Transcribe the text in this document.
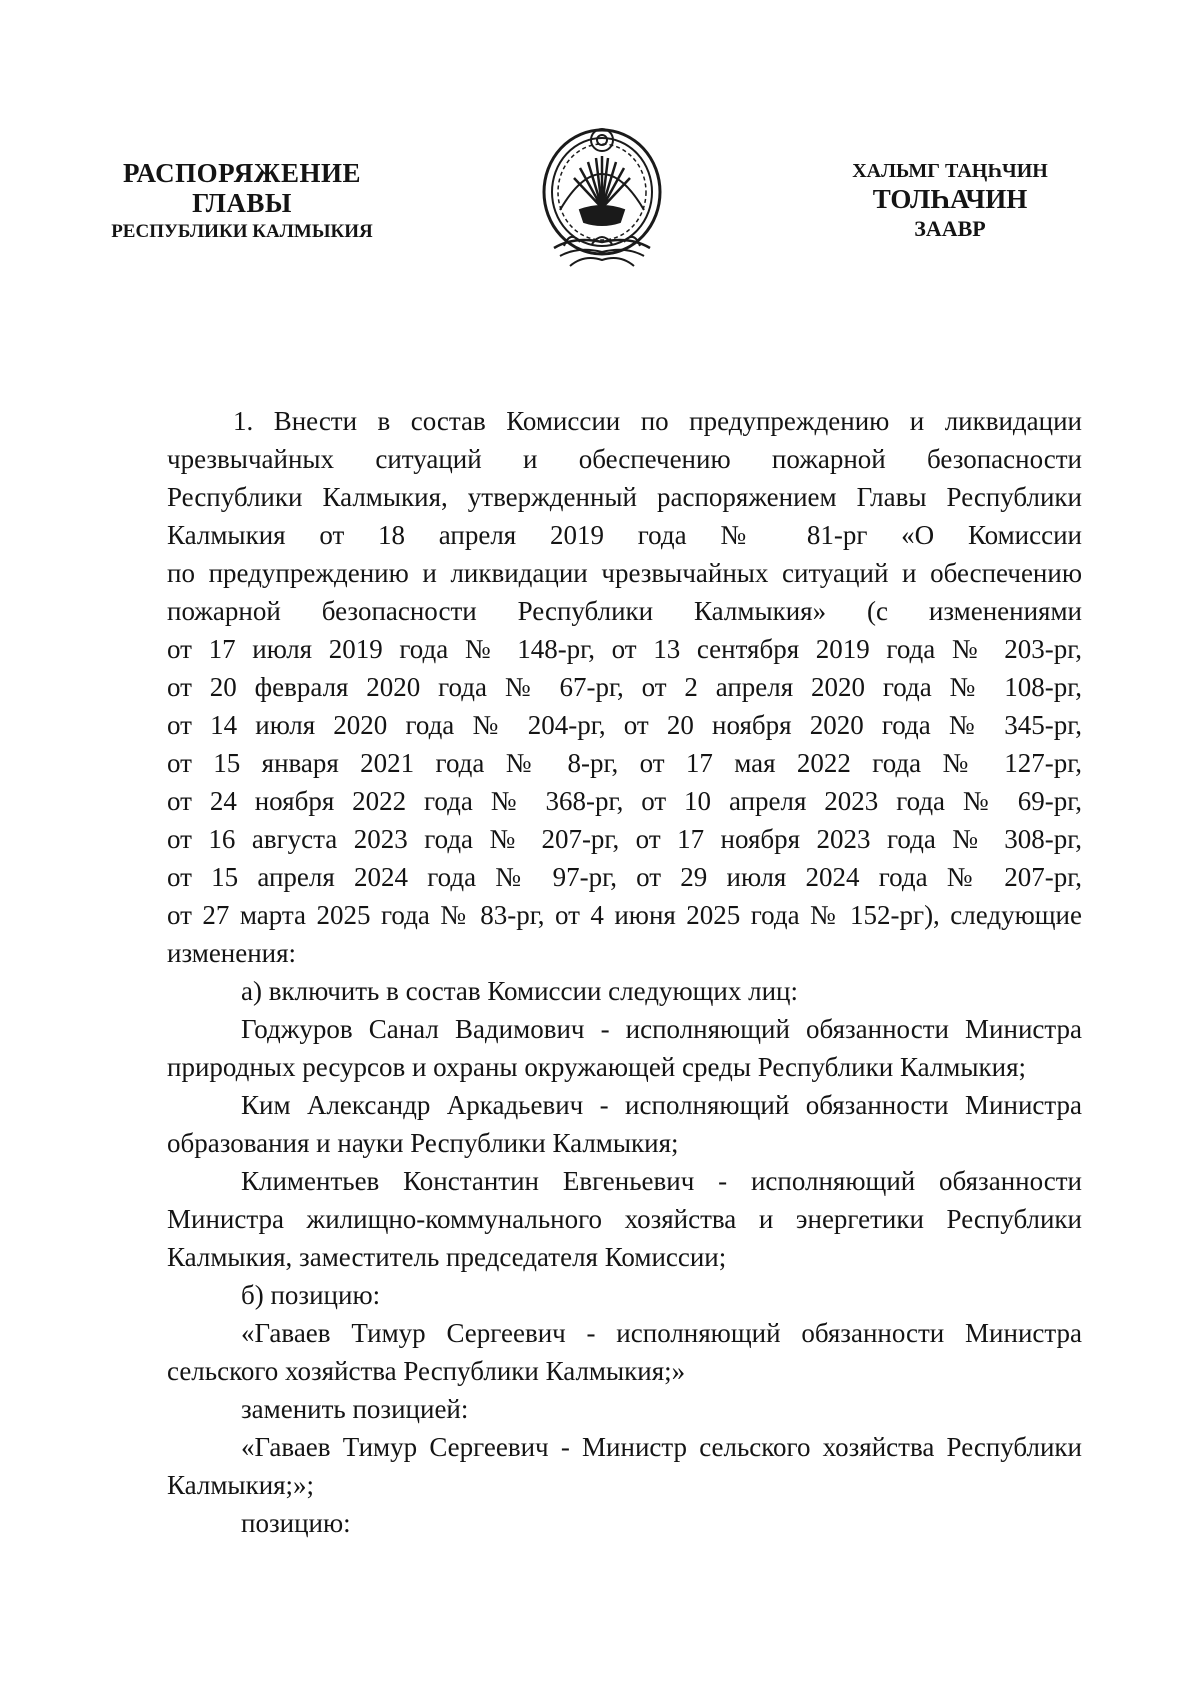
РАСПОРЯЖЕНИЕ
ГЛАВЫ
РЕСПУБЛИКИ КАЛМЫКИЯ
ХАЛЬМГ ТАҢҺЧИН
ТОЛҺАЧИН
ЗААВР

1. Внести в состав Комиссии по предупреждению и ликвидации

чрезвычайных ситуаций и обеспечению пожарной безопасности

Республики Калмыкия, утвержденный распоряжением Главы Республики

Калмыкия от 18 апреля 2019 года № 81-рг «О Комиссии

по предупреждению и ликвидации чрезвычайных ситуаций и обеспечению

пожарной безопасности Республики Калмыкия» (с изменениями

от 17 июля 2019 года № 148-рг, от 13 сентября 2019 года № 203-рг,

от 20 февраля 2020 года № 67-рг, от 2 апреля 2020 года № 108-рг,

от 14 июля 2020 года № 204-рг, от 20 ноября 2020 года № 345-рг,

от 15 января 2021 года № 8-рг, от 17 мая 2022 года № 127-рг,

от 24 ноября 2022 года № 368-рг, от 10 апреля 2023 года № 69-рг,

от 16 августа 2023 года № 207-рг, от 17 ноября 2023 года № 308-рг,

от 15 апреля 2024 года № 97-рг, от 29 июля 2024 года № 207-рг,

от 27 марта 2025 года № 83-рг, от 4 июня 2025 года № 152-рг), следующие

изменения:

а) включить в состав Комиссии следующих лиц:

Годжуров Санал Вадимович - исполняющий обязанности Министра

природных ресурсов и охраны окружающей среды Республики Калмыкия;

Ким Александр Аркадьевич - исполняющий обязанности Министра

образования и науки Республики Калмыкия;

Климентьев Константин Евгеньевич - исполняющий обязанности

Министра жилищно-коммунального хозяйства и энергетики Республики

Калмыкия, заместитель председателя Комиссии;

б) позицию:

«Гаваев Тимур Сергеевич - исполняющий обязанности Министра

сельского хозяйства Республики Калмыкия;»

заменить позицией:

«Гаваев Тимур Сергеевич - Министр сельского хозяйства Республики

Калмыкия;»;

позицию:
